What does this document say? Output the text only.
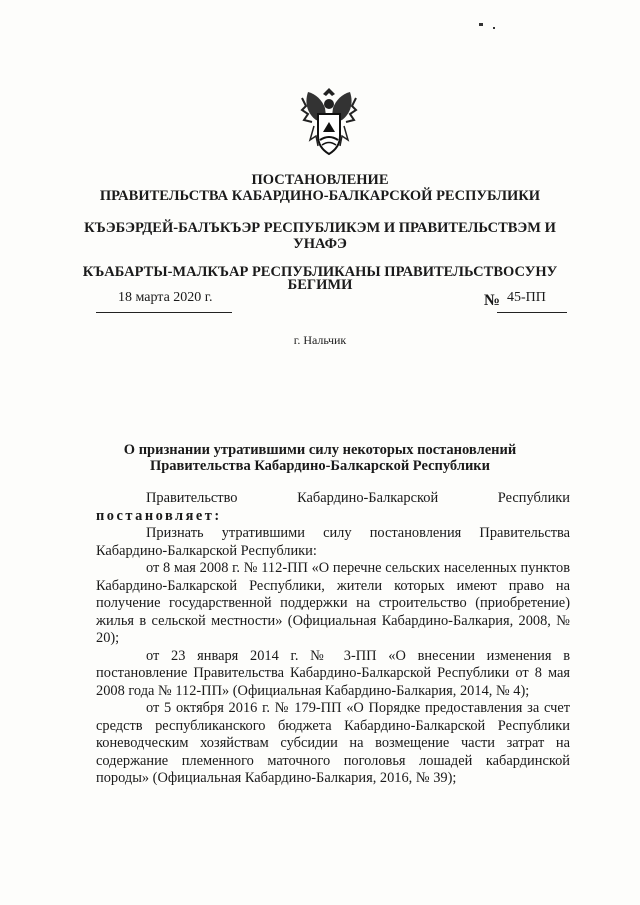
ПОСТАНОВЛЕНИЕ
ПРАВИТЕЛЬСТВА КАБАРДИНО-БАЛКАРСКОЙ РЕСПУБЛИКИ
КЪЭБЭРДЕЙ-БАЛЪКЪЭР РЕСПУБЛИКЭМ И ПРАВИТЕЛЬСТВЭМ И
УНАФЭ
КЪАБАРТЫ-МАЛКЪАР РЕСПУБЛИКАНЫ ПРАВИТЕЛЬСТВОСУНУ
БЕГИМИ
18 марта 2020 г.	№ 45-ПП
г. Нальчик
О признании утратившими силу некоторых постановлений
Правительства Кабардино-Балкарской Республики

Правительство Кабардино-Балкарской Республики

постановляет:

Признать утратившими силу постановления Правительства Кабардино-Балкарской Республики:

от 8 мая 2008 г. № 112-ПП «О перечне сельских населенных пунктов Кабардино-Балкарской Республики, жители которых имеют право на получение государственной поддержки на строительство (приобретение) жилья в сельской местности» (Официальная Кабардино-Балкария, 2008, № 20);

от 23 января 2014 г. № 3-ПП «О внесении изменения в постановление Правительства Кабардино-Балкарской Республики от 8 мая 2008 года № 112-ПП» (Официальная Кабардино-Балкария, 2014, № 4);

от 5 октября 2016 г. № 179-ПП «О Порядке предоставления за счет средств республиканского бюджета Кабардино-Балкарской Республики коневодческим хозяйствам субсидии на возмещение части затрат на содержание племенного маточного поголовья лошадей кабардинской породы» (Официальная Кабардино-Балкария, 2016, № 39);
